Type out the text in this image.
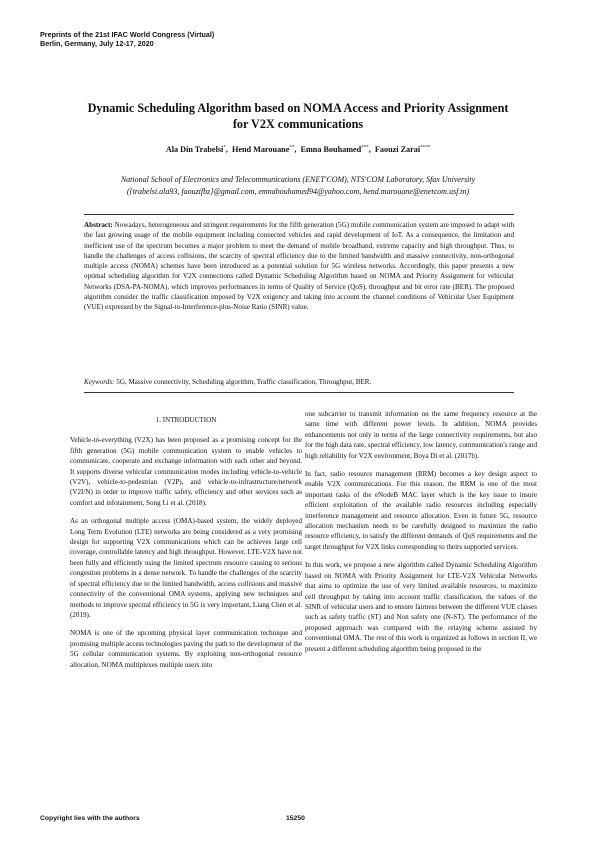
Preprints of the 21st IFAC World Congress (Virtual)
Berlin, Germany, July 12-17, 2020
Dynamic Scheduling Algorithm based on NOMA Access and Priority Assignment
for V2X communications
Ala Din Trabelsi*,  Hend Marouane**,  Emna Bouhamed***,  Faouzi Zarai****
National School of Electronics and Telecommunications (ENET'COM), NTS'COM Laboratory, Sfax University
({trabelsi.ala93, faouzifbz}@gmail.com, emnabouhamed94@yahoo.com, hend.marouane@enetcom.usf.tn)
Abstract: Nowadays, heterogeneous and stringent requirements for the fifth generation (5G) mobile communication system are imposed to adapt with the fast growing usage of the mobile equipment including connected vehicles and rapid development of IoT. As a consequence, the limitation and inefficient use of the spectrum becomes a major problem to meet the demand of mobile broadband, extreme capacity and high throughput. Thus, to handle the challenges of access collisions, the scarcity of spectral efficiency due to the limited bandwidth and massive connectivity, non-orthogonal multiple access (NOMA) schemes have been introduced as a potential solution for 5G wireless networks. Accordingly, this paper presents a new optimal scheduling algorithm for V2X connections called Dynamic Scheduling Algorithm based on NOMA and Priority Assignment for vehicular Networks (DSA-PA-NOMA), which improves performances in terms of Quality of Service (QoS), throughput and bit error rate (BER). The proposed algorithm consider the traffic classification imposed by V2X exigency and taking into account the channel conditions of Vehicular User Equipment (VUE) expressed by the Signal-to-Interference-plus-Noise Ratio (SINR) value.
Keywords: 5G, Massive connectivity, Scheduling algorithm, Traffic classification, Throughput, BER.
1. INTRODUCTION

Vehicle-to-everything (V2X) has been proposed as a promising concept for the fifth generation (5G) mobile communication system to enable vehicles to communicate, cooperate and exchange information with each other and beyond. It supports diverse vehicular communication modes including vehicle-to-vehicle (V2V), vehicle-to-pedestrian (V2P), and vehicle-to-infrastructure/network (V2I/N) in order to improve traffic safety, efficiency and other services such as comfort and infotainment, Song Li et al. (2018).

As an orthogonal multiple access (OMA)-based system, the widely deployed Long Term Evolution (LTE) networks are being considered as a very promising design for supporting V2X communications which can be achieves large cell coverage, controllable latency and high throughput. However, LTE-V2X have not been fully and efficiently using the limited spectrum resource causing to serious congestion problems in a dense network. To handle the challenges of the scarcity of spectral efficiency due to the limited bandwidth, access collisions and massive connectivity of the conventional OMA systems, applying new techniques and methods to improve spectral efficiency in 5G is very important, Liang Chen et al. (2019).

NOMA is one of the upcoming physical layer communication technique and promising multiple access technologies paving the path to the development of the 5G cellular communication systems. By exploiting non-orthogonal resource allocation, NOMA multiplexes multiple users into

one subcarrier to transmit information on the same frequency resource at the same time with different power levels. In addition, NOMA provides enhancements not only in terms of the large connectivity requirements, but also for the high data rate, spectral efficiency, low latency, communication's range and high reliability for V2X environment, Boya Di et al. (2017b).

In fact, radio resource management (RRM) becomes a key design aspect to enable V2X communications. For this reason, the RRM is one of the most important tasks of the eNodeB MAC layer which is the key issue to insure efficient exploitation of the available radio resources including especially interference management and resource allocation. Even in future 5G, resource allocation mechanism needs to be carefully designed to maximize the radio resource efficiency, to satisfy the different demands of QoS requirements and the target throughput for V2X links corresponding to theirs supported services.

In this work, we propose a new algorithm called Dynamic Scheduling Algorithm based on NOMA with Priority Assignment for LTE-V2X Vehicular Networks that aims to optimize the use of very limited available resources, to maximize cell throughput by taking into account traffic classification, the values of the SINR of vehicular users and to ensure fairness between the different VUE classes such as safety traffic (ST) and Non safety one (N-ST). The performance of the proposed approach was compared with the relaying scheme assisted by conventional OMA. The rest of this work is organized as follows in section II, we present a different scheduling algorithm being proposed in the

Copyright lies with the authors	15250
